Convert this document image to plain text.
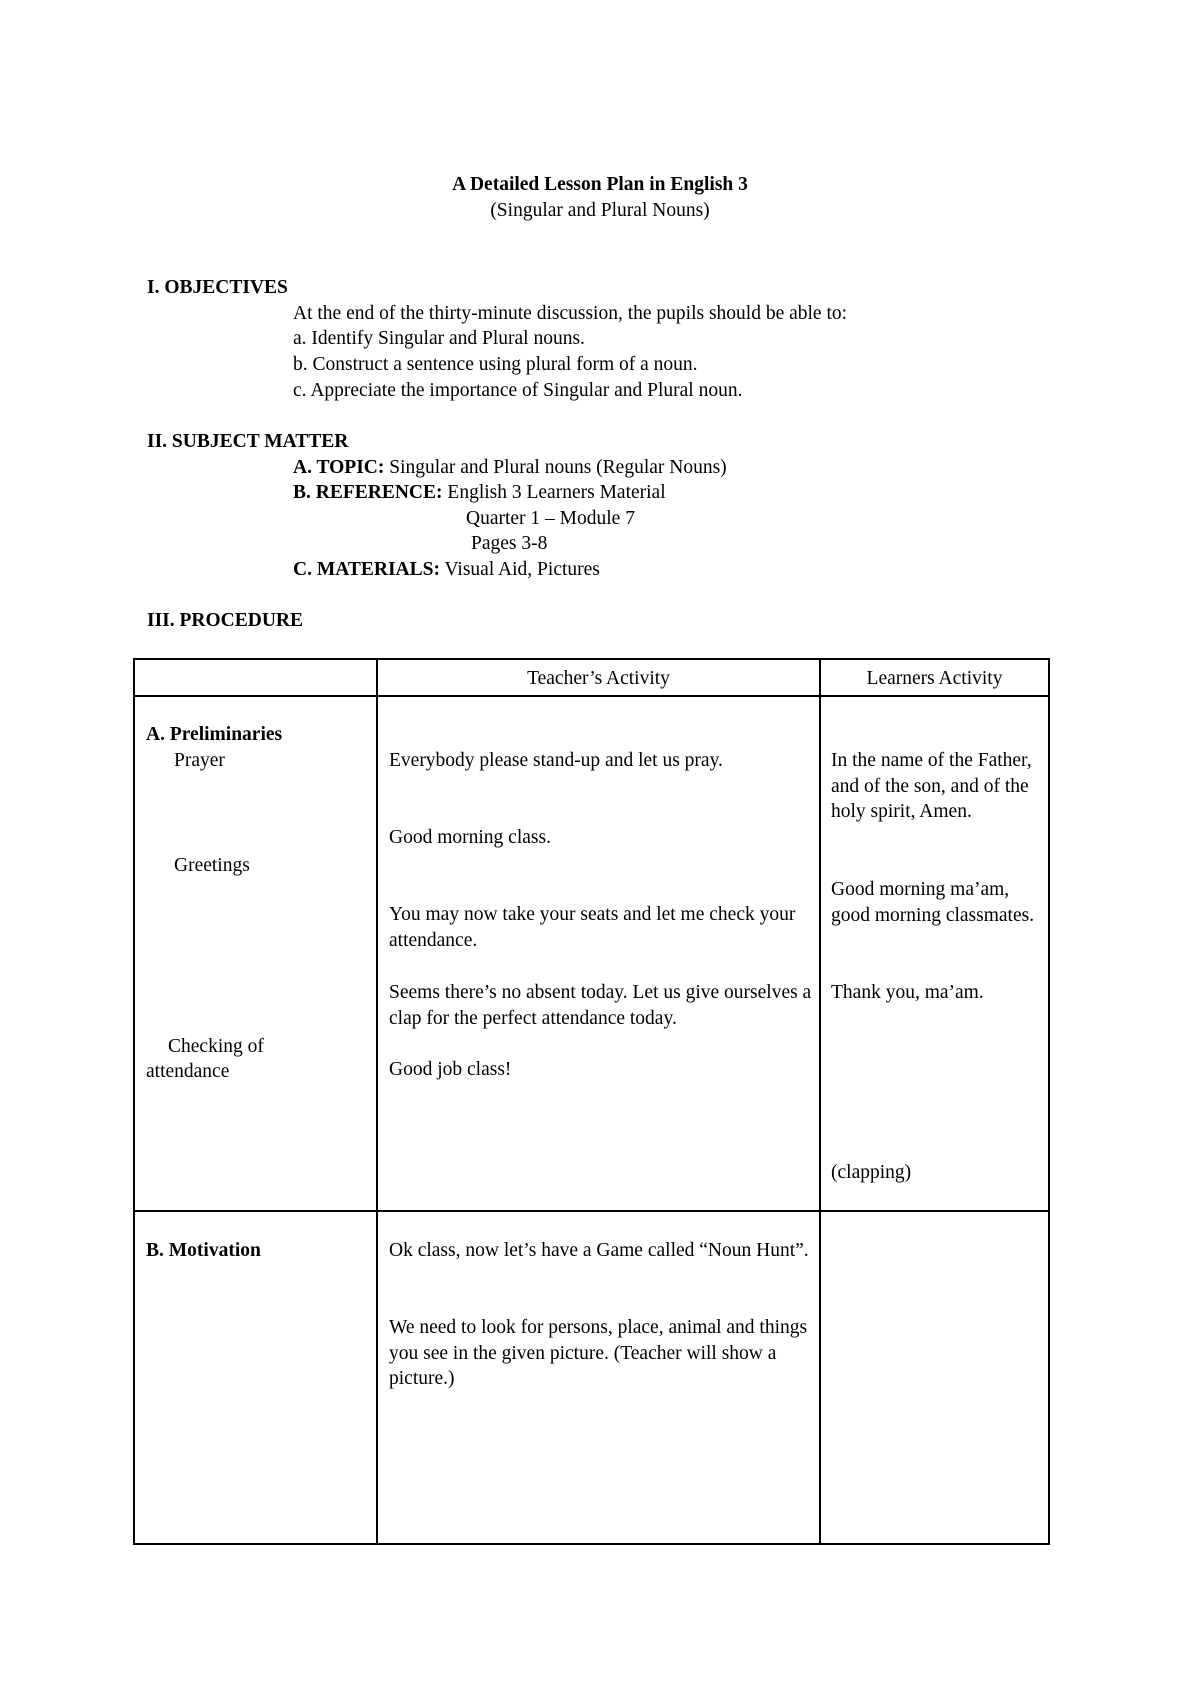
A Detailed Lesson Plan in English 3
(Singular and Plural Nouns)
I. OBJECTIVES
At the end of the thirty-minute discussion, the pupils should be able to:
a. Identify Singular and Plural nouns.
b. Construct a sentence using plural form of a noun.
c. Appreciate the importance of Singular and Plural noun.
II. SUBJECT MATTER
A. TOPIC: Singular and Plural nouns (Regular Nouns)
B. REFERENCE: English 3 Learners Material
Quarter 1 – Module 7
Pages 3-8
C. MATERIALS: Visual Aid, Pictures
III. PROCEDURE
Teacher’s Activity	Learners Activity
A. Preliminaries
Prayer
Greetings
Checking of
attendance
Everybody please stand-up and let us pray.
Good morning class.
You may now take your seats and let me check your attendance.
Seems there’s no absent today. Let us give ourselves a clap for the perfect attendance today.
Good job class!
In the name of the Father, and of the son, and of the holy spirit, Amen.
Good morning ma’am, good morning classmates.
Thank you, ma’am.
(clapping)
B. Motivation	Ok class, now let’s have a Game called “Noun Hunt”.
We need to look for persons, place, animal and things you see in the given picture. (Teacher will show a picture.)
